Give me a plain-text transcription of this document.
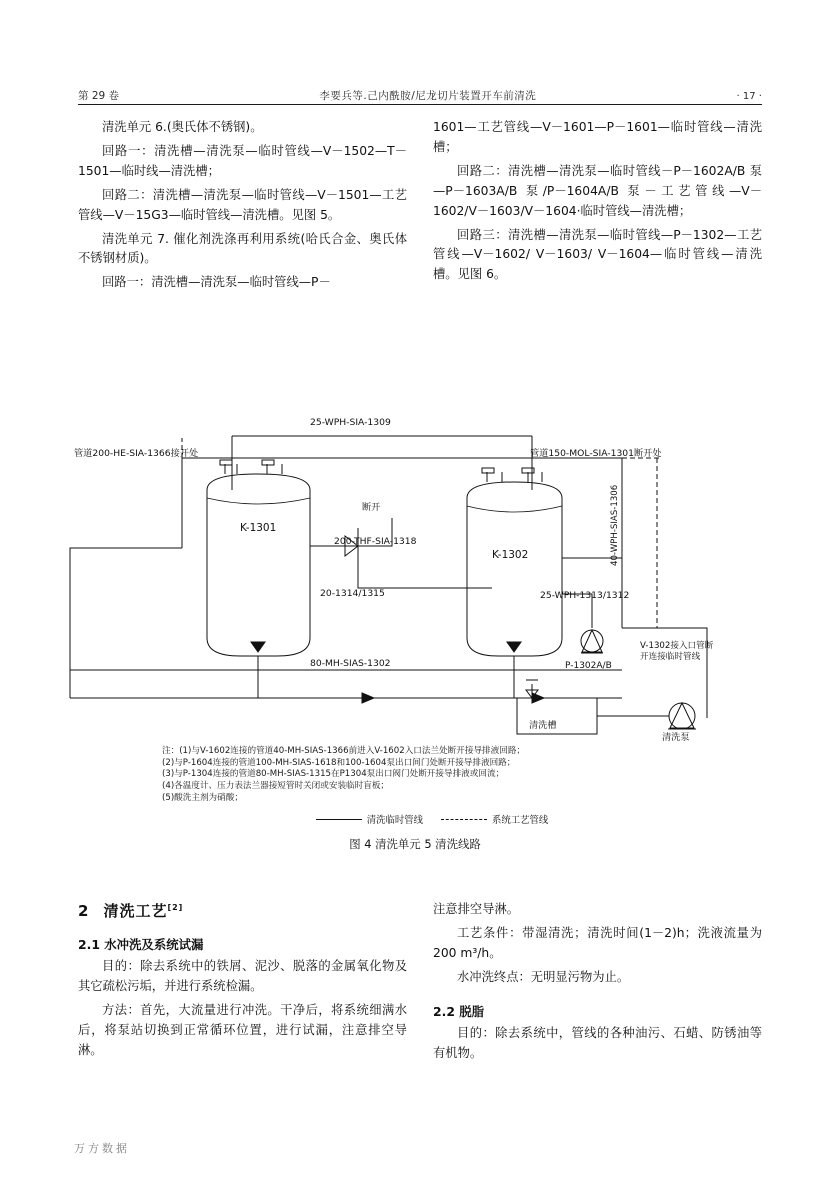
第 29 卷	李要兵等.己内酰胺/尼龙切片装置开车前清洗	· 17 ·

清洗单元 6.(奥氏体不锈钢)。

回路一：清洗槽—清洗泵—临时管线—V－1502—T－1501—临时线—清洗槽；

回路二：清洗槽—清洗泵—临时管线—V－1501—工艺管线—V－15G3—临时管线—清洗槽。见图 5。

清洗单元 7. 催化剂洗涤再利用系统(哈氏合金、奥氏体不锈钢材质)。

回路一：清洗槽—清洗泵—临时管线—P－

1601—工艺管线—V－1601—P－1601—临时管线—清洗槽；

回路二：清洗槽—清洗泵—临时管线－P－1602A/B 泵—P－1603A/B 泵/P－1604A/B 泵－工艺管线—V－1602/V－1603/V－1604·临时管线—清洗槽；

回路三：清洗槽—清洗泵—临时管线—P－1302—工艺管线—V－1602/ V－1603/ V－1604—临时管线—清洗槽。见图 6。

25-WPH-SIA-1309
管道200-HE-SIA-1366接开处	管道150-MOL-SIA-1301断开处
K-1301
K-1302
断开
200-THF-SIA-1318
20-1314/1315
80-MH-SIAS-1302
25-WPH-1313/1312
40-WPH-SIAS-1306
P-1302A/B
V-1302接入口管断
开连接临时管线
清洗槽
清洗泵
注：(1)与V-1602连接的管道40-MH-SIAS-1366前进入V-1602入口法兰处断开接导排液回路；
(2)与P-1604连接的管道100-MH-SIAS-1618和100-1604泵出口间门处断开接导排液回路；
(3)与P-1304连接的管道80-MH-SIAS-1315在P1304泵出口阀门处断开接导排液或回流；
(4)各温度计、压力表法兰器接短管时关闭或安装临时盲板；
(5)酸洗主剂为硝酸；
清洗临时管线	系统工艺管线
图 4 清洗单元 5 清洗线路
2 清洗工艺[2]
2.1 水冲洗及系统试漏

目的：除去系统中的铁屑、泥沙、脱落的金属氧化物及其它疏松污垢，并进行系统检漏。

方法：首先，大流量进行冲洗。干净后，将系统细满水后，将泵站切换到正常循环位置，进行试漏，注意排空导淋。

注意排空导淋。

工艺条件：带湿清洗；清洗时间(1－2)h；洗液流量为 200 m³/h。

水冲洗终点：无明显污物为止。

2.2 脱脂

目的：除去系统中，管线的各种油污、石蜡、防锈油等有机物。

万方数据
